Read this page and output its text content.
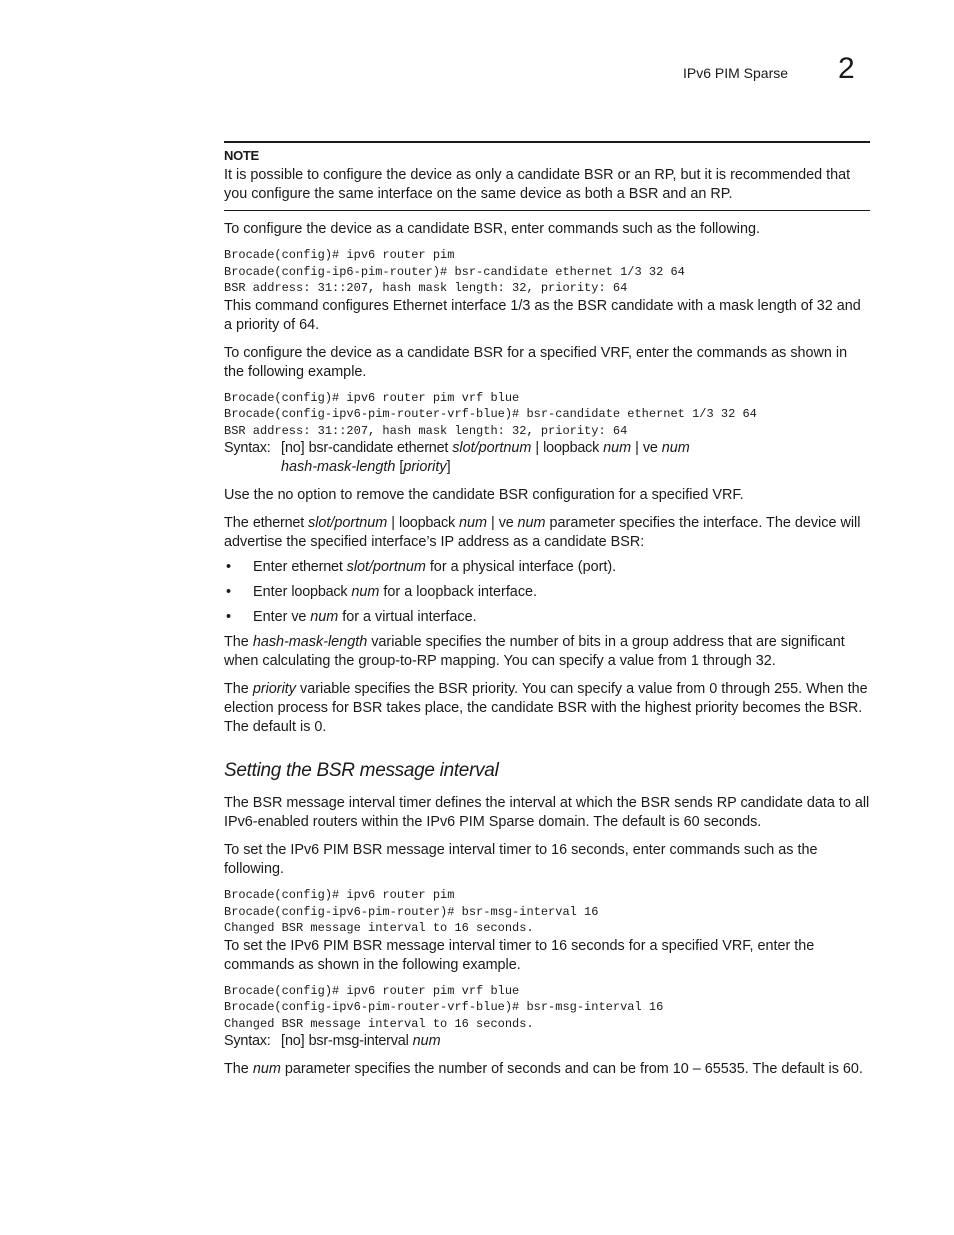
IPv6 PIM Sparse 2
NOTE

It is possible to configure the device as only a candidate BSR or an RP, but it is recommended that you configure the same interface on the same device as both a BSR and an RP.

To configure the device as a candidate BSR, enter commands such as the following.

Brocade(config)# ipv6 router pim
Brocade(config-ip6-pim-router)# bsr-candidate ethernet 1/3 32 64
BSR address: 31::207, hash mask length: 32, priority: 64

This command configures Ethernet interface 1/3 as the BSR candidate with a mask length of 32 and a priority of 64.

To configure the device as a candidate BSR for a specified VRF, enter the commands as shown in the following example.

Brocade(config)# ipv6 router pim vrf blue
Brocade(config-ipv6-pim-router-vrf-blue)# bsr-candidate ethernet 1/3 32 64
BSR address: 31::207, hash mask length: 32, priority: 64
Syntax: [no] bsr-candidate ethernet slot/portnum | loopback num | ve num
hash-mask-length [priority]

Use the no option to remove the candidate BSR configuration for a specified VRF.

The ethernet slot/portnum | loopback num | ve num parameter specifies the interface. The device will advertise the specified interface’s IP address as a candidate BSR:

• Enter ethernet slot/portnum for a physical interface (port).
• Enter loopback num for a loopback interface.
• Enter ve num for a virtual interface.

The hash-mask-length variable specifies the number of bits in a group address that are significant when calculating the group-to-RP mapping. You can specify a value from 1 through 32.

The priority variable specifies the BSR priority. You can specify a value from 0 through 255. When the election process for BSR takes place, the candidate BSR with the highest priority becomes the BSR. The default is 0.

Setting the BSR message interval

The BSR message interval timer defines the interval at which the BSR sends RP candidate data to all IPv6-enabled routers within the IPv6 PIM Sparse domain. The default is 60 seconds.

To set the IPv6 PIM BSR message interval timer to 16 seconds, enter commands such as the following.

Brocade(config)# ipv6 router pim
Brocade(config-ipv6-pim-router)# bsr-msg-interval 16
Changed BSR message interval to 16 seconds.

To set the IPv6 PIM BSR message interval timer to 16 seconds for a specified VRF, enter the commands as shown in the following example.

Brocade(config)# ipv6 router pim vrf blue
Brocade(config-ipv6-pim-router-vrf-blue)# bsr-msg-interval 16
Changed BSR message interval to 16 seconds.
Syntax: [no] bsr-msg-interval num

The num parameter specifies the number of seconds and can be from 10 – 65535. The default is 60.
